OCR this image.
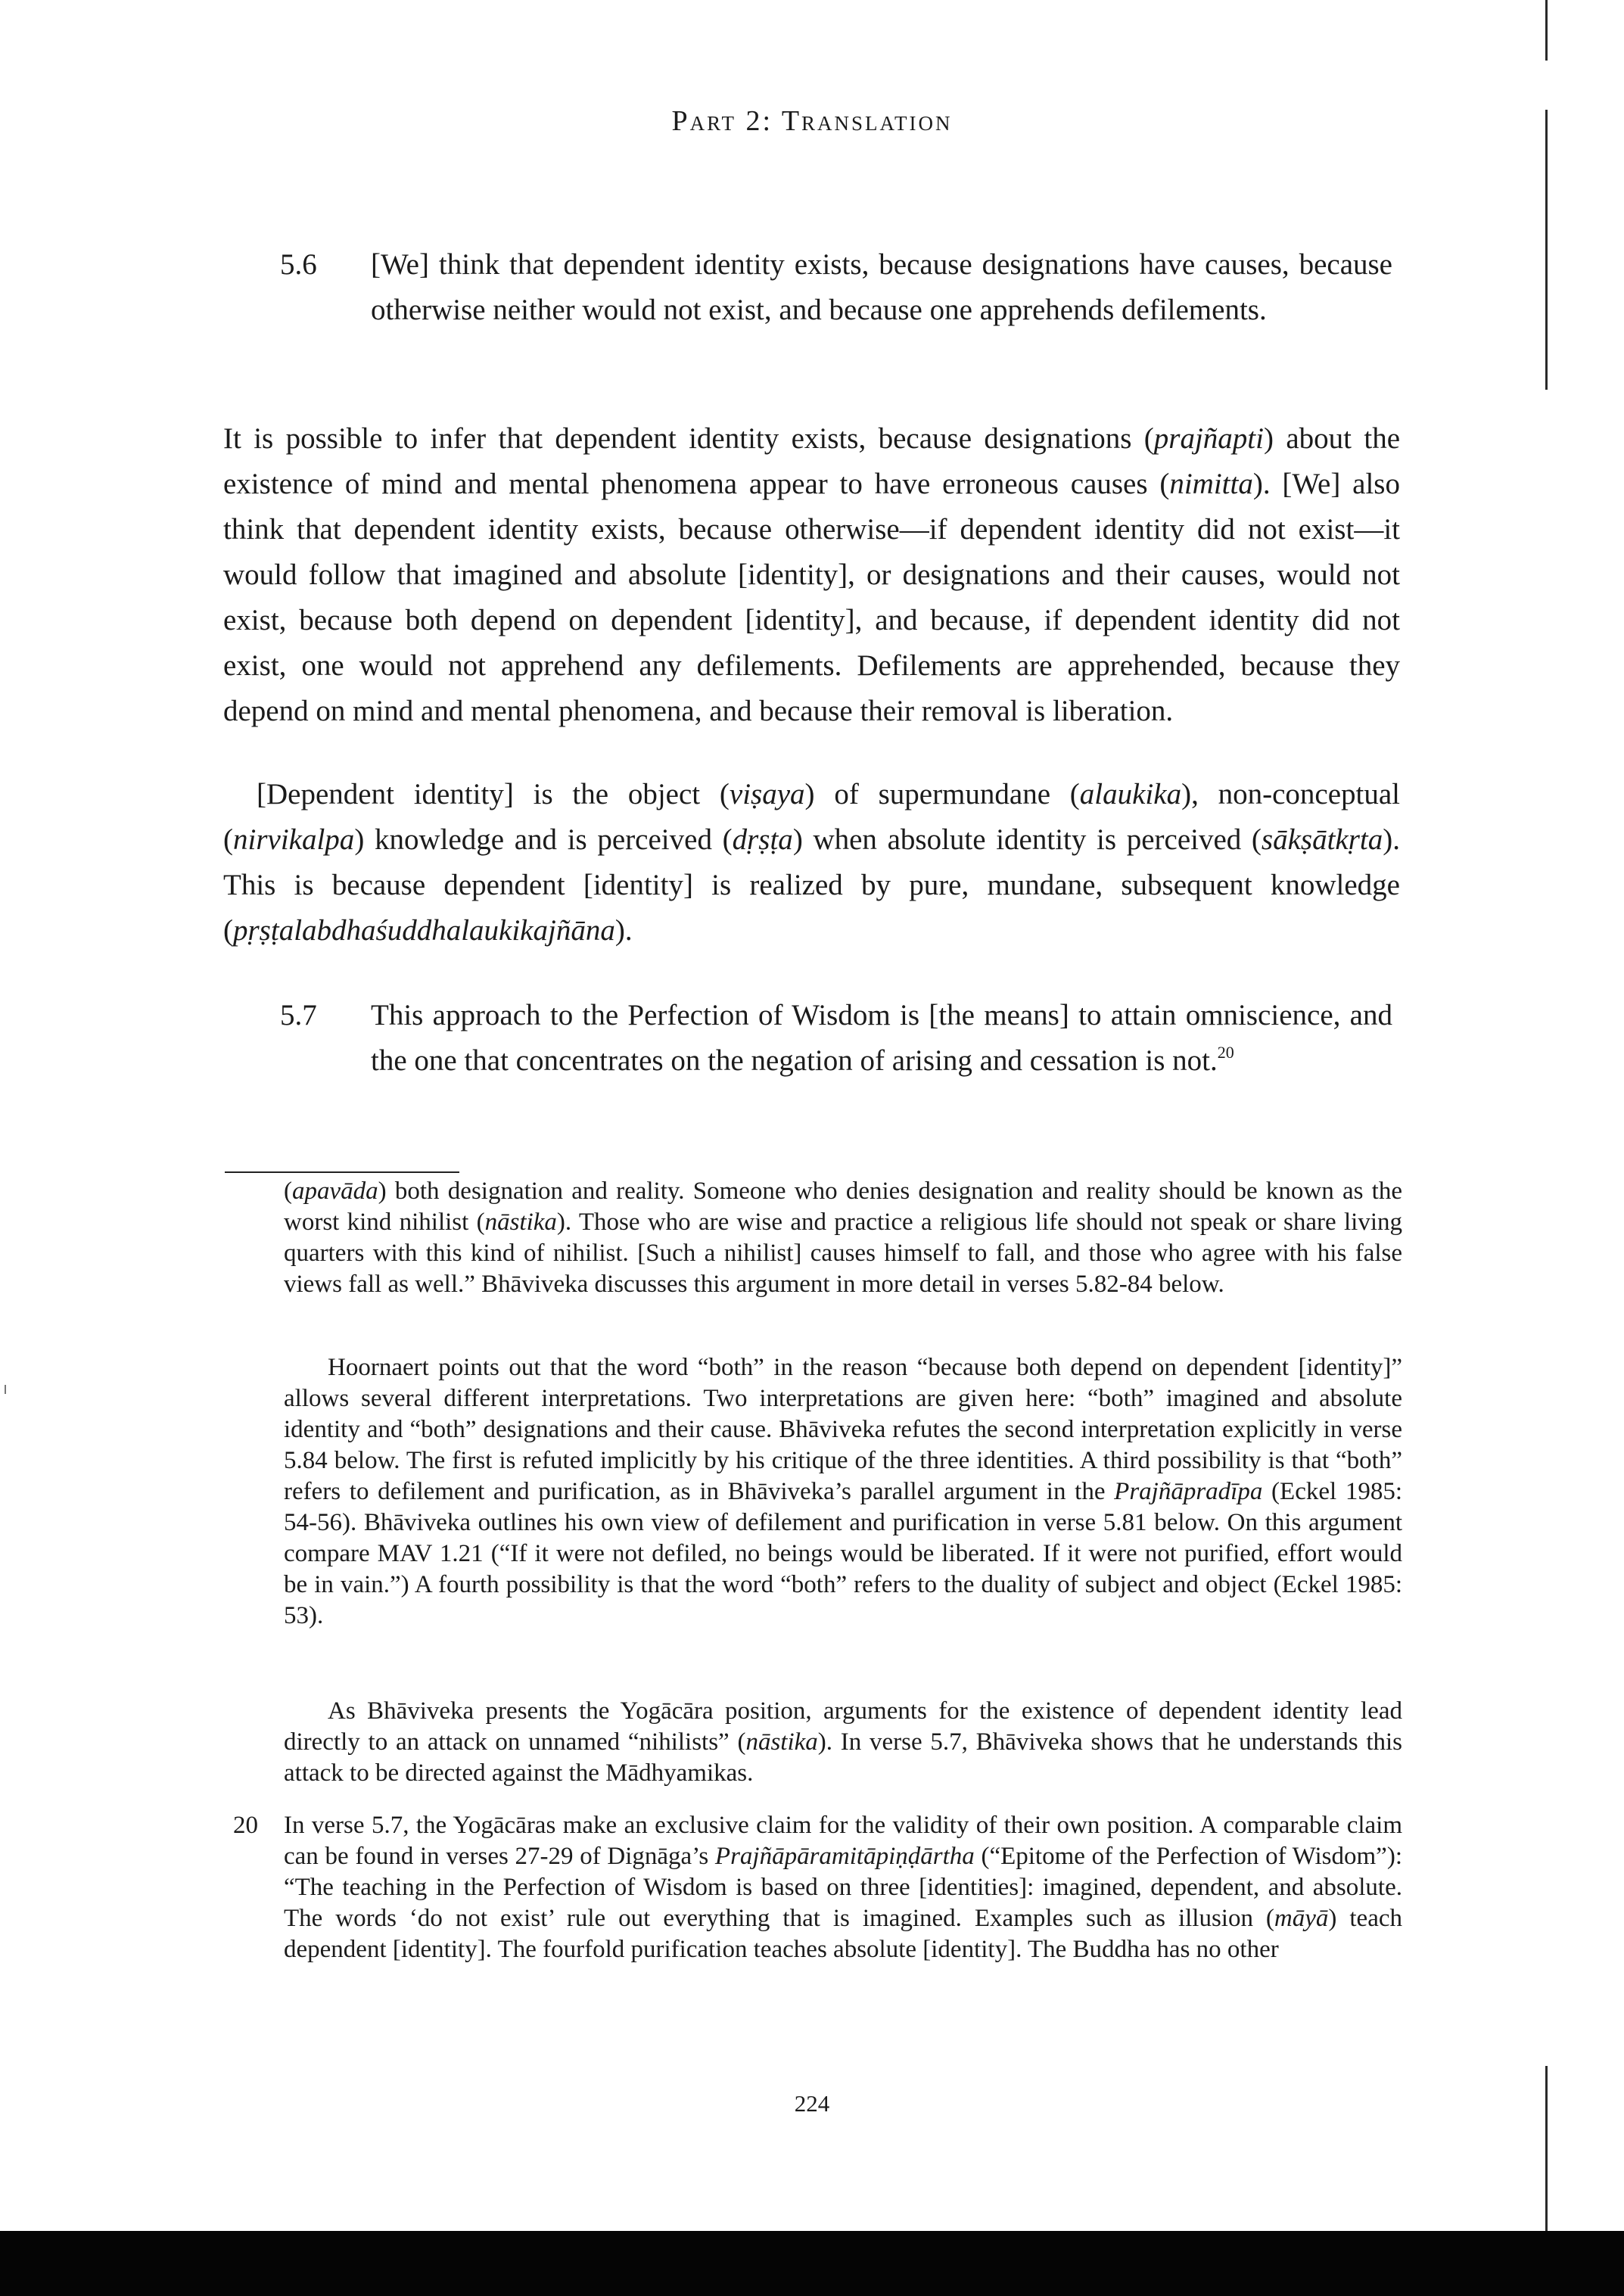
Part 2: Translation
5.6	[We] think that dependent identity exists, because designations have causes, because otherwise neither would not exist, and because one apprehends defilements.
It is possible to infer that dependent identity exists, because designations (prajñapti) about the existence of mind and mental phenomena appear to have erroneous causes (nimitta). [We] also think that dependent identity exists, because otherwise—if dependent identity did not exist—it would follow that imagined and absolute [identity], or designations and their causes, would not exist, because both depend on dependent [identity], and because, if dependent identity did not exist, one would not apprehend any defilements. Defilements are apprehended, because they depend on mind and mental phenomena, and because their removal is liberation.
[Dependent identity] is the object (viṣaya) of supermundane (alaukika), non-conceptual (nirvikalpa) knowledge and is perceived (dṛṣṭa) when absolute identity is perceived (sākṣātkṛta). This is because dependent [identity] is realized by pure, mundane, subsequent knowledge (pṛṣṭalabdhaśuddhalaukikajñāna).
5.7	This approach to the Perfection of Wisdom is [the means] to attain omniscience, and the one that concentrates on the negation of arising and cessation is not.$^{20}$
(apavāda) both designation and reality. Someone who denies designation and reality should be known as the worst kind nihilist (nāstika). Those who are wise and practice a religious life should not speak or share living quarters with this kind of nihilist. [Such a nihilist] causes himself to fall, and those who agree with his false views fall as well.” Bhāviveka discusses this argument in more detail in verses 5.82-84 below.
Hoornaert points out that the word “both” in the reason “because both depend on dependent [identity]” allows several different interpretations. Two interpretations are given here: “both” imagined and absolute identity and “both” designations and their cause. Bhāviveka refutes the second interpretation explicitly in verse 5.84 below. The first is refuted implicitly by his critique of the three identities. A third possibility is that “both” refers to defilement and purification, as in Bhāviveka’s parallel argument in the Prajñāpradīpa (Eckel 1985: 54-56). Bhāviveka outlines his own view of defilement and purification in verse 5.81 below. On this argument compare MAV 1.21 (“If it were not defiled, no beings would be liberated. If it were not purified, effort would be in vain.”) A fourth possibility is that the word “both” refers to the duality of subject and object (Eckel 1985: 53).
As Bhāviveka presents the Yogācāra position, arguments for the existence of dependent identity lead directly to an attack on unnamed “nihilists” (nāstika). In verse 5.7, Bhāviveka shows that he understands this attack to be directed against the Mādhyamikas.
20 In verse 5.7, the Yogācāras make an exclusive claim for the validity of their own position. A comparable claim can be found in verses 27-29 of Dignāga’s Prajñāpāramitāpiṇḍārtha (“Epitome of the Perfection of Wisdom”): “The teaching in the Perfection of Wisdom is based on three [identities]: imagined, dependent, and absolute. The words ‘do not exist’ rule out everything that is imagined. Examples such as illusion (māyā) teach dependent [identity]. The fourfold purification teaches absolute [identity]. The Buddha has no other
224
